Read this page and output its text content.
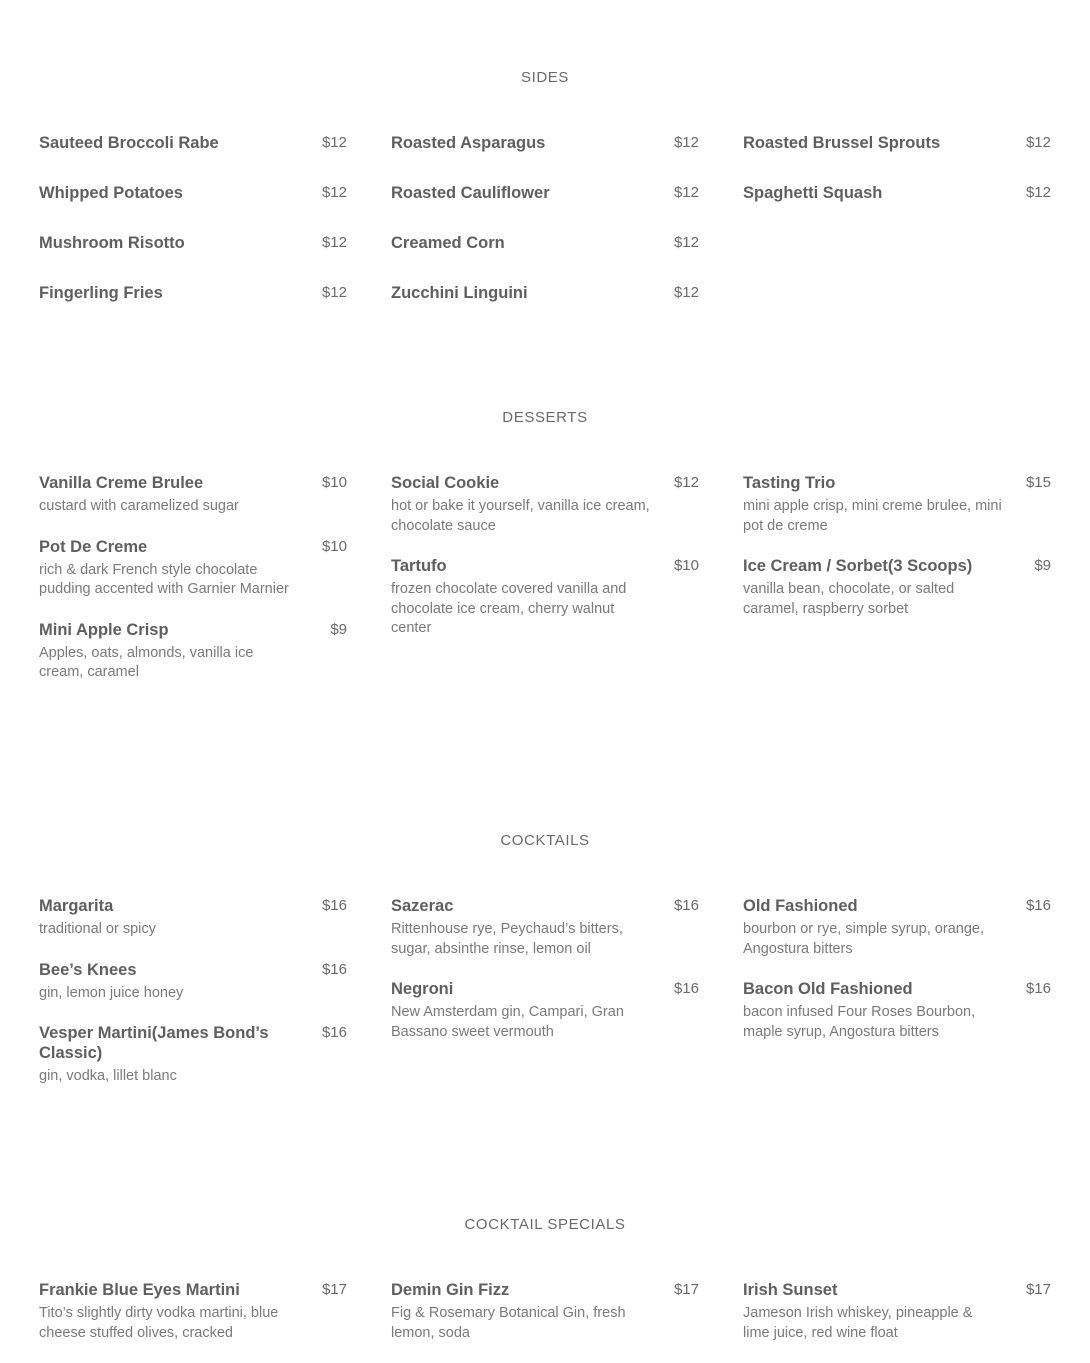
SIDES
Sauteed Broccoli Rabe	$12
Whipped Potatoes	$12
Mushroom Risotto	$12
Fingerling Fries	$12
Roasted Asparagus	$12
Roasted Cauliflower	$12
Creamed Corn	$12
Zucchini Linguini	$12
Roasted Brussel Sprouts	$12
Spaghetti Squash	$12
DESSERTS
Vanilla Creme Brulee	$10
custard with caramelized sugar
Pot De Creme	$10
rich & dark French style chocolate pudding accented with Garnier Marnier
Mini Apple Crisp	$9
Apples, oats, almonds, vanilla ice cream, caramel
Social Cookie	$12
hot or bake it yourself, vanilla ice cream, chocolate sauce
Tartufo	$10
frozen chocolate covered vanilla and chocolate ice cream, cherry walnut center
Tasting Trio	$15
mini apple crisp, mini creme brulee, mini pot de creme
Ice Cream / Sorbet(3 Scoops)	$9
vanilla bean, chocolate, or salted caramel, raspberry sorbet
COCKTAILS
Margarita	$16
traditional or spicy
Bee’s Knees	$16
gin, lemon juice honey
Vesper Martini(James Bond’s Classic)
$16
gin, vodka, lillet blanc
Sazerac	$16
Rittenhouse rye, Peychaud’s bitters, sugar, absinthe rinse, lemon oil
Negroni	$16
New Amsterdam gin, Campari, Gran Bassano sweet vermouth
Old Fashioned	$16
bourbon or rye, simple syrup, orange, Angostura bitters
Bacon Old Fashioned	$16
bacon infused Four Roses Bourbon, maple syrup, Angostura bitters
COCKTAIL SPECIALS
Frankie Blue Eyes Martini	$17
Tito’s slightly dirty vodka martini, blue cheese stuffed olives, cracked
Demin Gin Fizz	$17
Fig & Rosemary Botanical Gin, fresh lemon, soda
Irish Sunset	$17
Jameson Irish whiskey, pineapple & lime juice, red wine float
